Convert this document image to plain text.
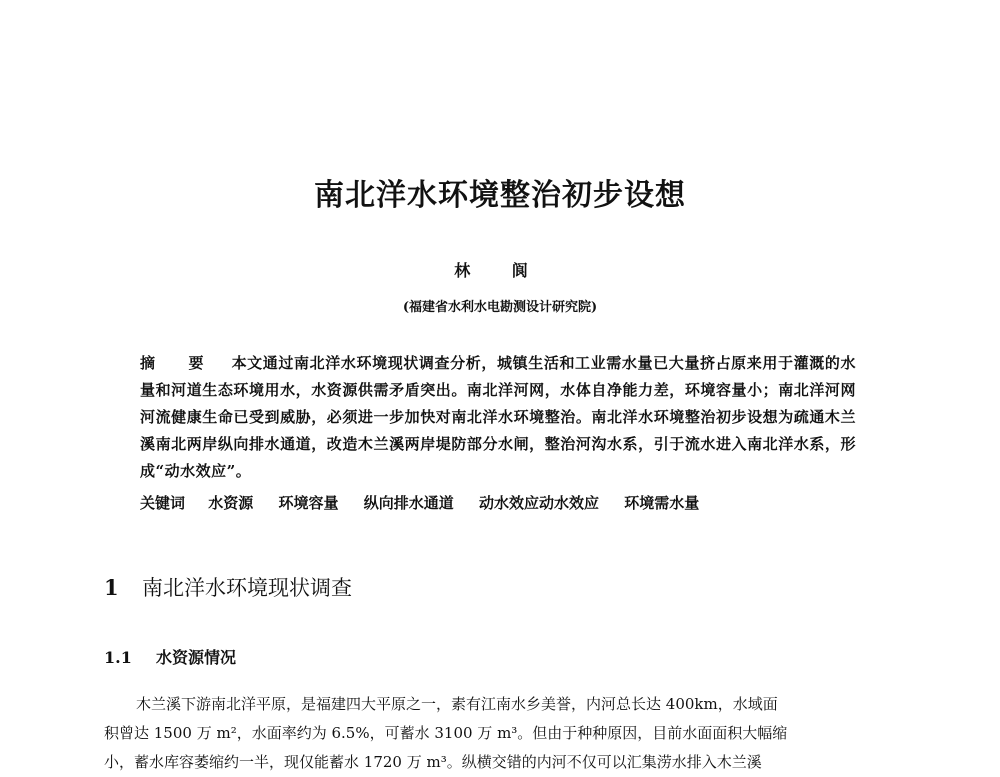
南北洋水环境整治初步设想
林 阆
(福建省水利水电勘测设计研究院)
摘 要 本文通过南北洋水环境现状调查分析，城镇生活和工业需水量已大量挤占原来用于灌溉的水量和河道生态环境用水，水资源供需矛盾突出。南北洋河网，水体自净能力差，环境容量小；南北洋河网河流健康生命已受到威胁，必须进一步加快对南北洋水环境整治。南北洋水环境整治初步设想为疏通木兰溪南北两岸纵向排水通道，改造木兰溪两岸堤防部分水闸，整治河沟水系，引于流水进入南北洋水系，形成“动水效应”。
关键词 水资源 环境容量 纵向排水通道 动水效应动水效应 环境需水量
1 南北洋水环境现状调查
1.1 水资源情况

木兰溪下游南北洋平原，是福建四大平原之一，素有江南水乡美誉，内河总长达 400km，水域面

积曾达 1500 万 m²，水面率约为 6.5%，可蓄水 3100 万 m³。但由于种种原因，目前水面面积大幅缩
小，蓄水库容萎缩约一半，现仅能蓄水 1720 万 m³。纵横交错的内河不仅可以汇集涝水排入木兰溪
